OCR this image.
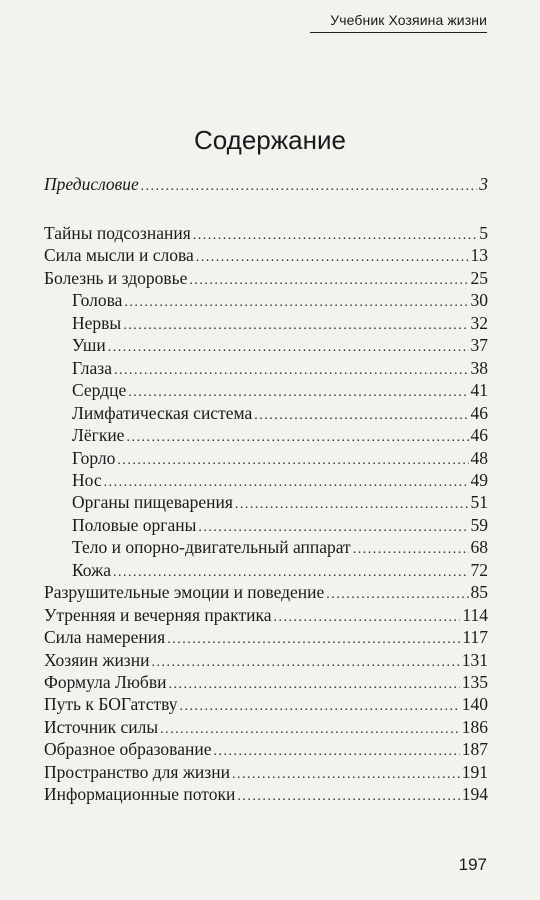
Учебник Хозяина жизни
Содержание
Предисловие .....	3
Тайны подсознания .....	5
Сила мысли и слова .....	13
Болезнь и здоровье .....	25
Голова .....	30
Нервы .....	32
Уши .....	37
Глаза .....	38
Сердце .....	41
Лимфатическая система .....	46
Лёгкие .....	46
Горло .....	48
Нос .....	49
Органы пищеварения .....	51
Половые органы .....	59
Тело и опорно-двигательный аппарат .....	68
Кожа .....	72
Разрушительные эмоции и поведение .....	85
Утренняя и вечерняя практика .....	114
Сила намерения .....	117
Хозяин жизни .....	131
Формула Любви .....	135
Путь к БОГатству .....	140
Источник силы .....	186
Образное образование .....	187
Пространство для жизни .....	191
Информационные потоки .....	194
197
